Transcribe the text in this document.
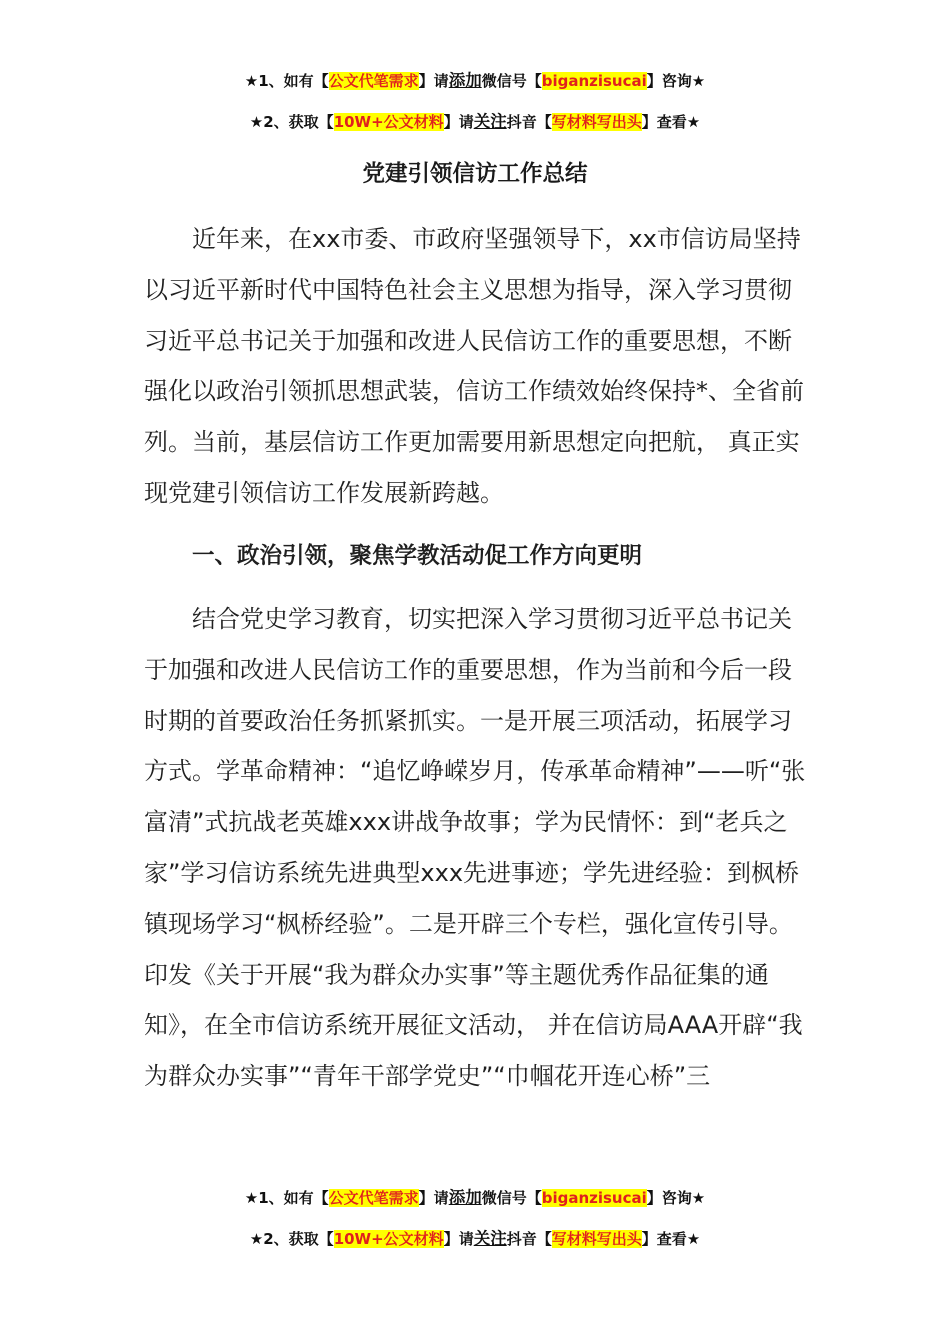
★1、如有【公文代笔需求】请添加微信号【biganzisucai】咨询★
★2、获取【10W+公文材料】请关注抖音【写材料写出头】查看★
党建引领信访工作总结

近年来，在xx市委、市政府坚强领导下，xx市信访局坚持以习近平新时代中国特色社会主义思想为指导，深入学习贯彻习近平总书记关于加强和改进人民信访工作的重要思想，不断强化以政治引领抓思想武装，信访工作绩效始终保持*、全省前列。当前，基层信访工作更加需要用新思想定向把航， 真正实现党建引领信访工作发展新跨越。

一、政治引领，聚焦学教活动促工作方向更明

结合党史学习教育，切实把深入学习贯彻习近平总书记关于加强和改进人民信访工作的重要思想，作为当前和今后一段时期的首要政治任务抓紧抓实。一是开展三项活动，拓展学习方式。学革命精神：“追忆峥嵘岁月，传承革命精神”——听“张富清”式抗战老英雄xxx讲战争故事；学为民情怀：到“老兵之家”学习信访系统先进典型xxx先进事迹；学先进经验：到枫桥镇现场学习“枫桥经验”。二是开辟三个专栏，强化宣传引导。印发《关于开展“我为群众办实事”等主题优秀作品征集的通知》，在全市信访系统开展征文活动， 并在信访局AAA开辟“我为群众办实事”“青年干部学党史”“巾帼花开连心桥”三

★1、如有【公文代笔需求】请添加微信号【biganzisucai】咨询★
★2、获取【10W+公文材料】请关注抖音【写材料写出头】查看★
